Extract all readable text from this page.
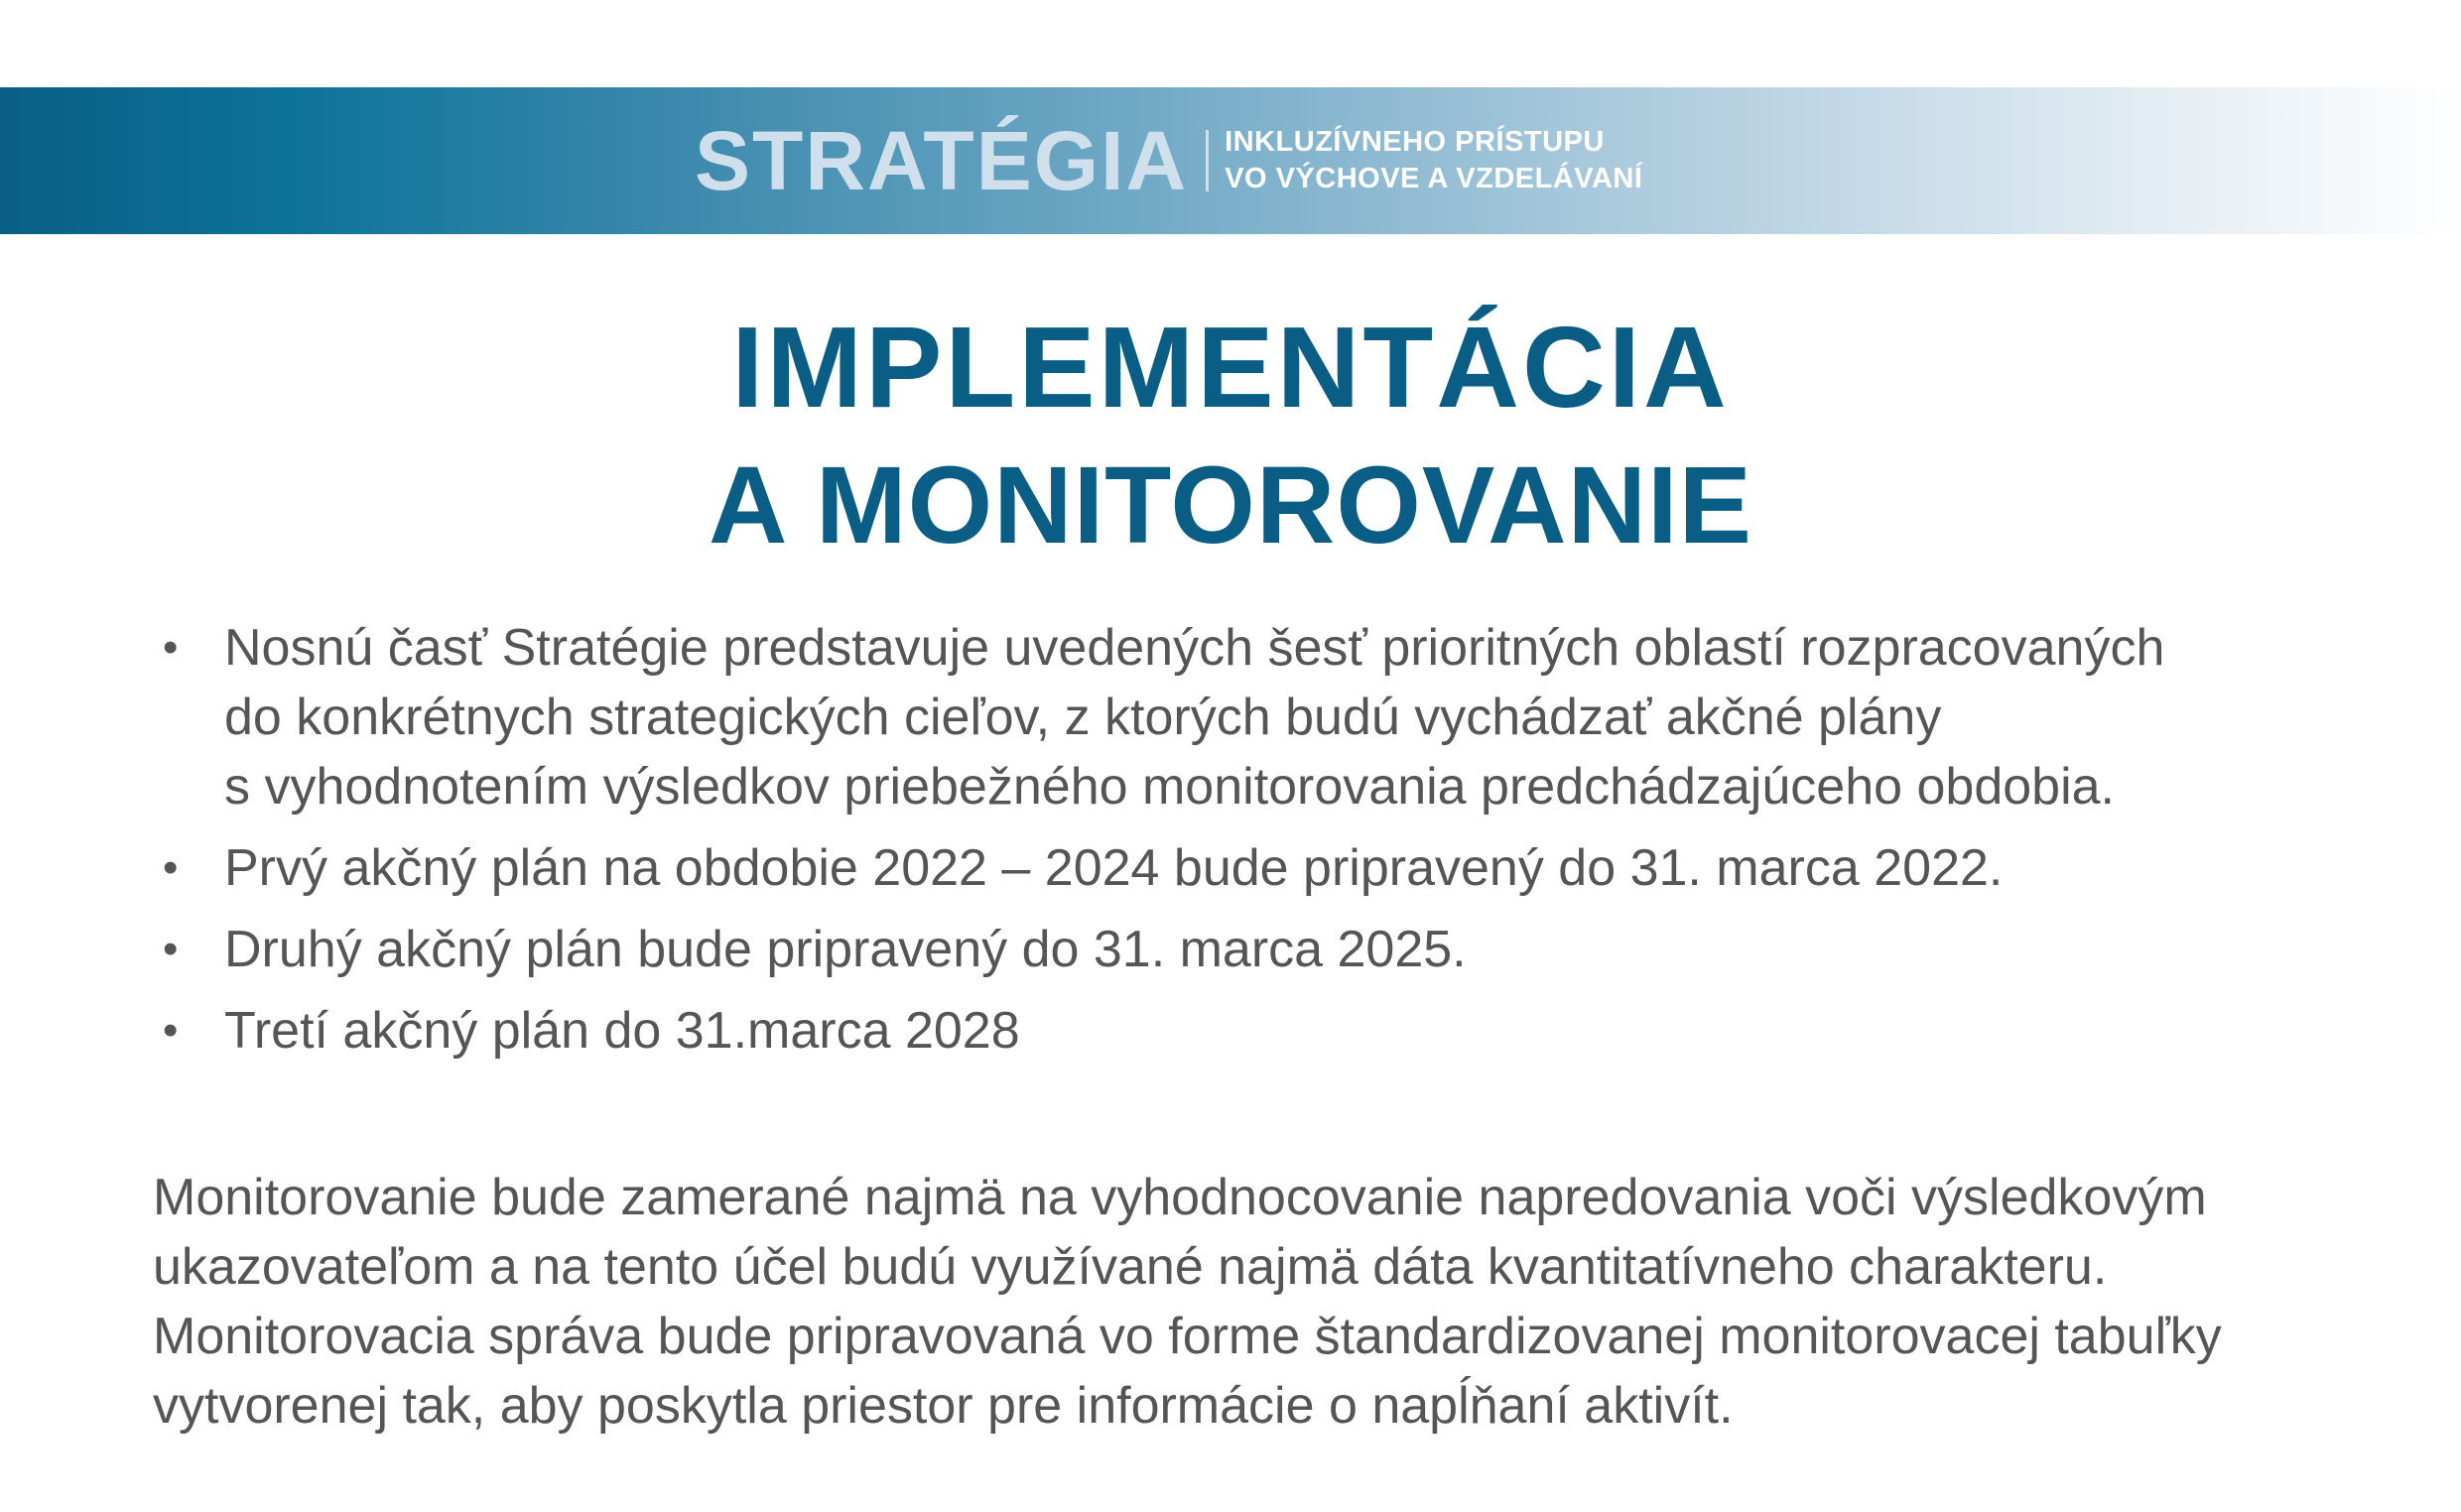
STRATÉGIA INKLUZÍVNEHO PRÍSTUPU
VO VÝCHOVE A VZDELÁVANÍ
IMPLEMENTÁCIA
A MONITOROVANIE
• Nosnú časť Stratégie predstavuje uvedených šesť prioritných oblastí rozpracovaných
do konkrétnych strategických cieľov, z ktorých budú vychádzať akčné plány
s vyhodnotením výsledkov priebežného monitorovania predchádzajúceho obdobia.
• Prvý akčný plán na obdobie 2022 – 2024 bude pripravený do 31. marca 2022.
• Druhý akčný plán bude pripravený do 31. marca 2025.
• Tretí akčný plán do 31.marca 2028
Monitorovanie bude zamerané najmä na vyhodnocovanie napredovania voči výsledkovým
ukazovateľom a na tento účel budú využívané najmä dáta kvantitatívneho charakteru.
Monitorovacia správa bude pripravovaná vo forme štandardizovanej monitorovacej tabuľky
vytvorenej tak, aby poskytla priestor pre informácie o napĺňaní aktivít.
